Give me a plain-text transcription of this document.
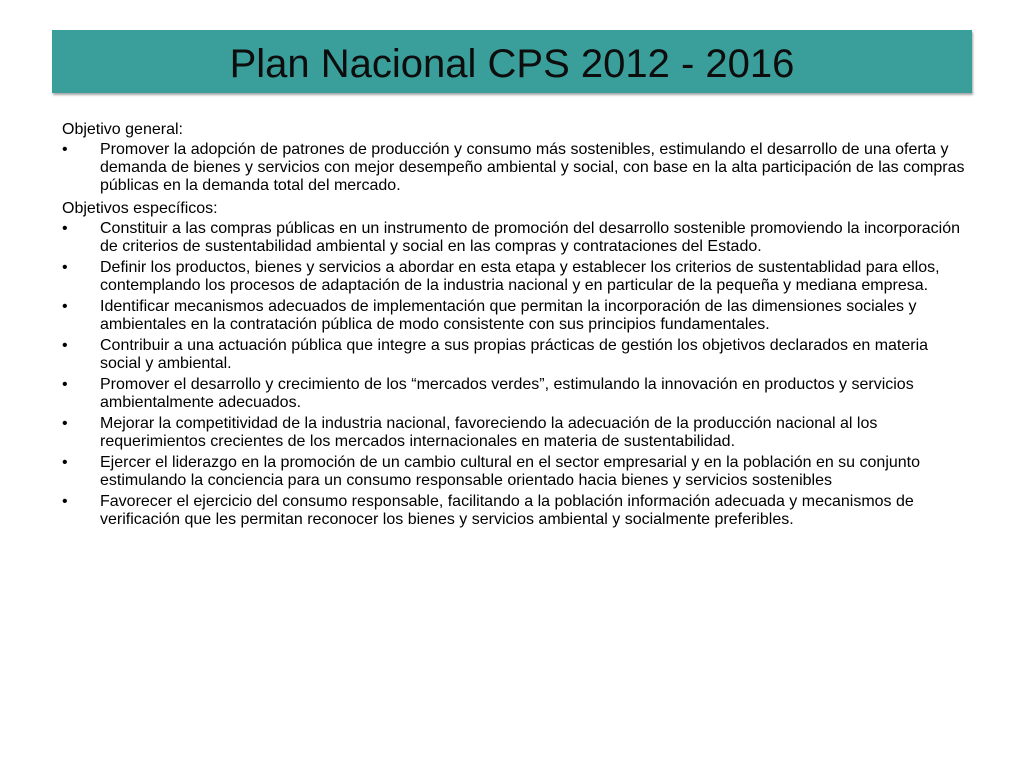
Plan Nacional CPS 2012 - 2016

Objetivo general:

• Promover la adopción de patrones de producción y consumo más sostenibles, estimulando el desarrollo de una oferta y demanda de bienes y servicios con mejor desempeño ambiental y social, con base en la alta participación de las compras públicas en la demanda total del mercado.

Objetivos específicos:

• Constituir a las compras públicas en un instrumento de promoción del desarrollo sostenible promoviendo la incorporación de criterios de sustentabilidad ambiental y social en las compras y contrataciones del Estado.
• Definir los productos, bienes y servicios a abordar en esta etapa y establecer los criterios de sustentablidad para ellos, contemplando los procesos de adaptación de la industria nacional y en particular de la pequeña y mediana empresa.
• Identificar mecanismos adecuados de implementación que permitan la incorporación de las dimensiones sociales y ambientales en la contratación pública de modo consistente con sus principios fundamentales.
• Contribuir a una actuación pública que integre a sus propias prácticas de gestión los objetivos declarados en materia social y ambiental.
• Promover el desarrollo y crecimiento de los “mercados verdes”, estimulando la innovación en productos y servicios ambientalmente adecuados.
• Mejorar la competitividad de la industria nacional, favoreciendo la adecuación de la producción nacional al los requerimientos crecientes de los mercados internacionales en materia de sustentabilidad.
• Ejercer el liderazgo en la promoción de un cambio cultural en el sector empresarial y en la población en su conjunto estimulando la conciencia para un consumo responsable orientado hacia bienes y servicios sostenibles
• Favorecer el ejercicio del consumo responsable, facilitando a la población información adecuada y mecanismos de verificación que les permitan reconocer los bienes y servicios ambiental y socialmente preferibles.
